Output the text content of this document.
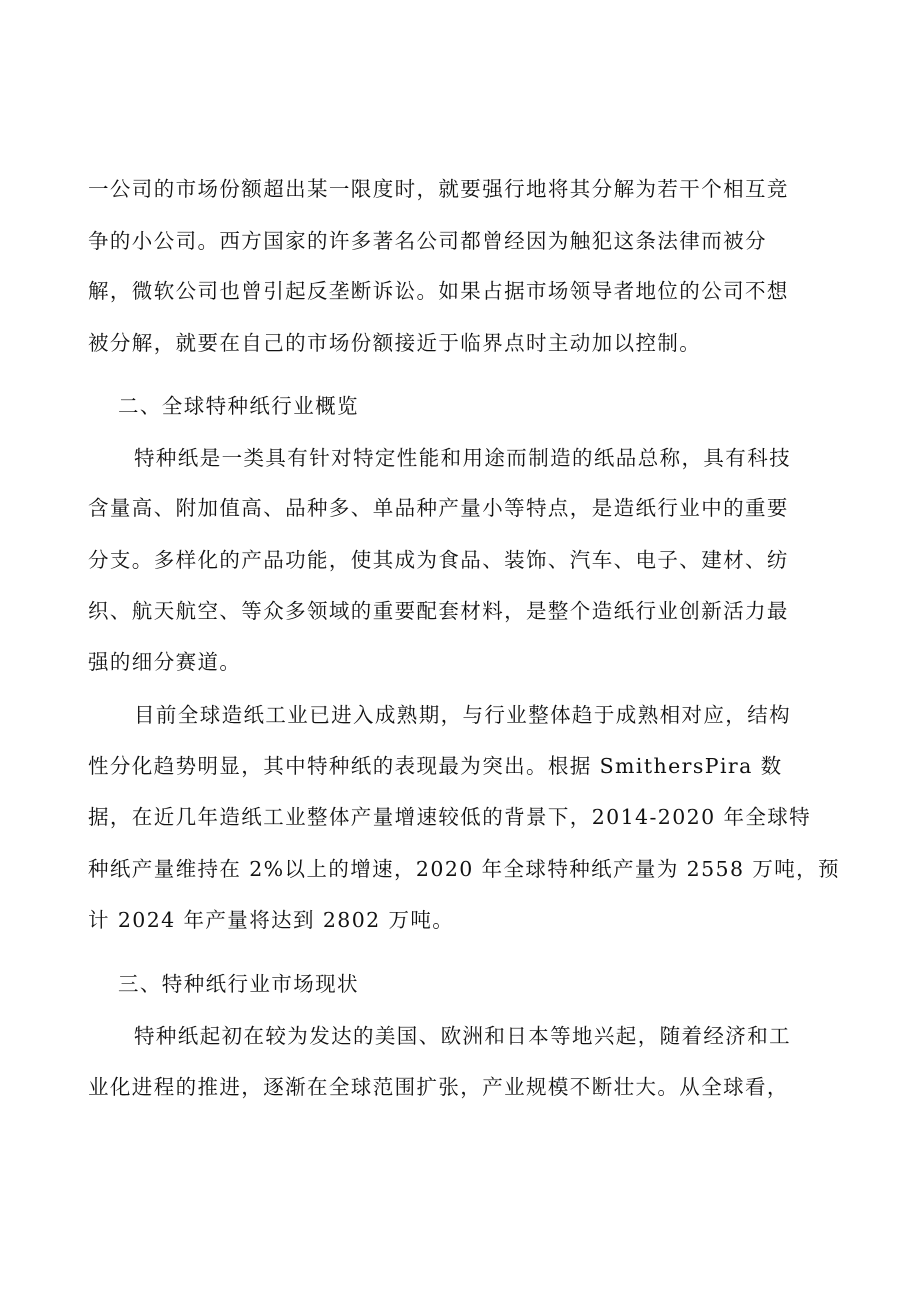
一公司的市场份额超出某一限度时，就要强行地将其分解为若干个相互竞
争的小公司。西方国家的许多著名公司都曾经因为触犯这条法律而被分
解，微软公司也曾引起反垄断诉讼。如果占据市场领导者地位的公司不想
被分解，就要在自己的市场份额接近于临界点时主动加以控制。
二、全球特种纸行业概览
特种纸是一类具有针对特定性能和用途而制造的纸品总称，具有科技
含量高、附加值高、品种多、单品种产量小等特点，是造纸行业中的重要
分支。多样化的产品功能，使其成为食品、装饰、汽车、电子、建材、纺
织、航天航空、等众多领域的重要配套材料，是整个造纸行业创新活力最
强的细分赛道。
目前全球造纸工业已进入成熟期，与行业整体趋于成熟相对应，结构
性分化趋势明显，其中特种纸的表现最为突出。根据 SmithersPira 数
据，在近几年造纸工业整体产量增速较低的背景下，2014-2020 年全球特
种纸产量维持在 2%以上的增速，2020 年全球特种纸产量为 2558 万吨，预
计 2024 年产量将达到 2802 万吨。
三、特种纸行业市场现状
特种纸起初在较为发达的美国、欧洲和日本等地兴起，随着经济和工
业化进程的推进，逐渐在全球范围扩张，产业规模不断壮大。从全球看，
